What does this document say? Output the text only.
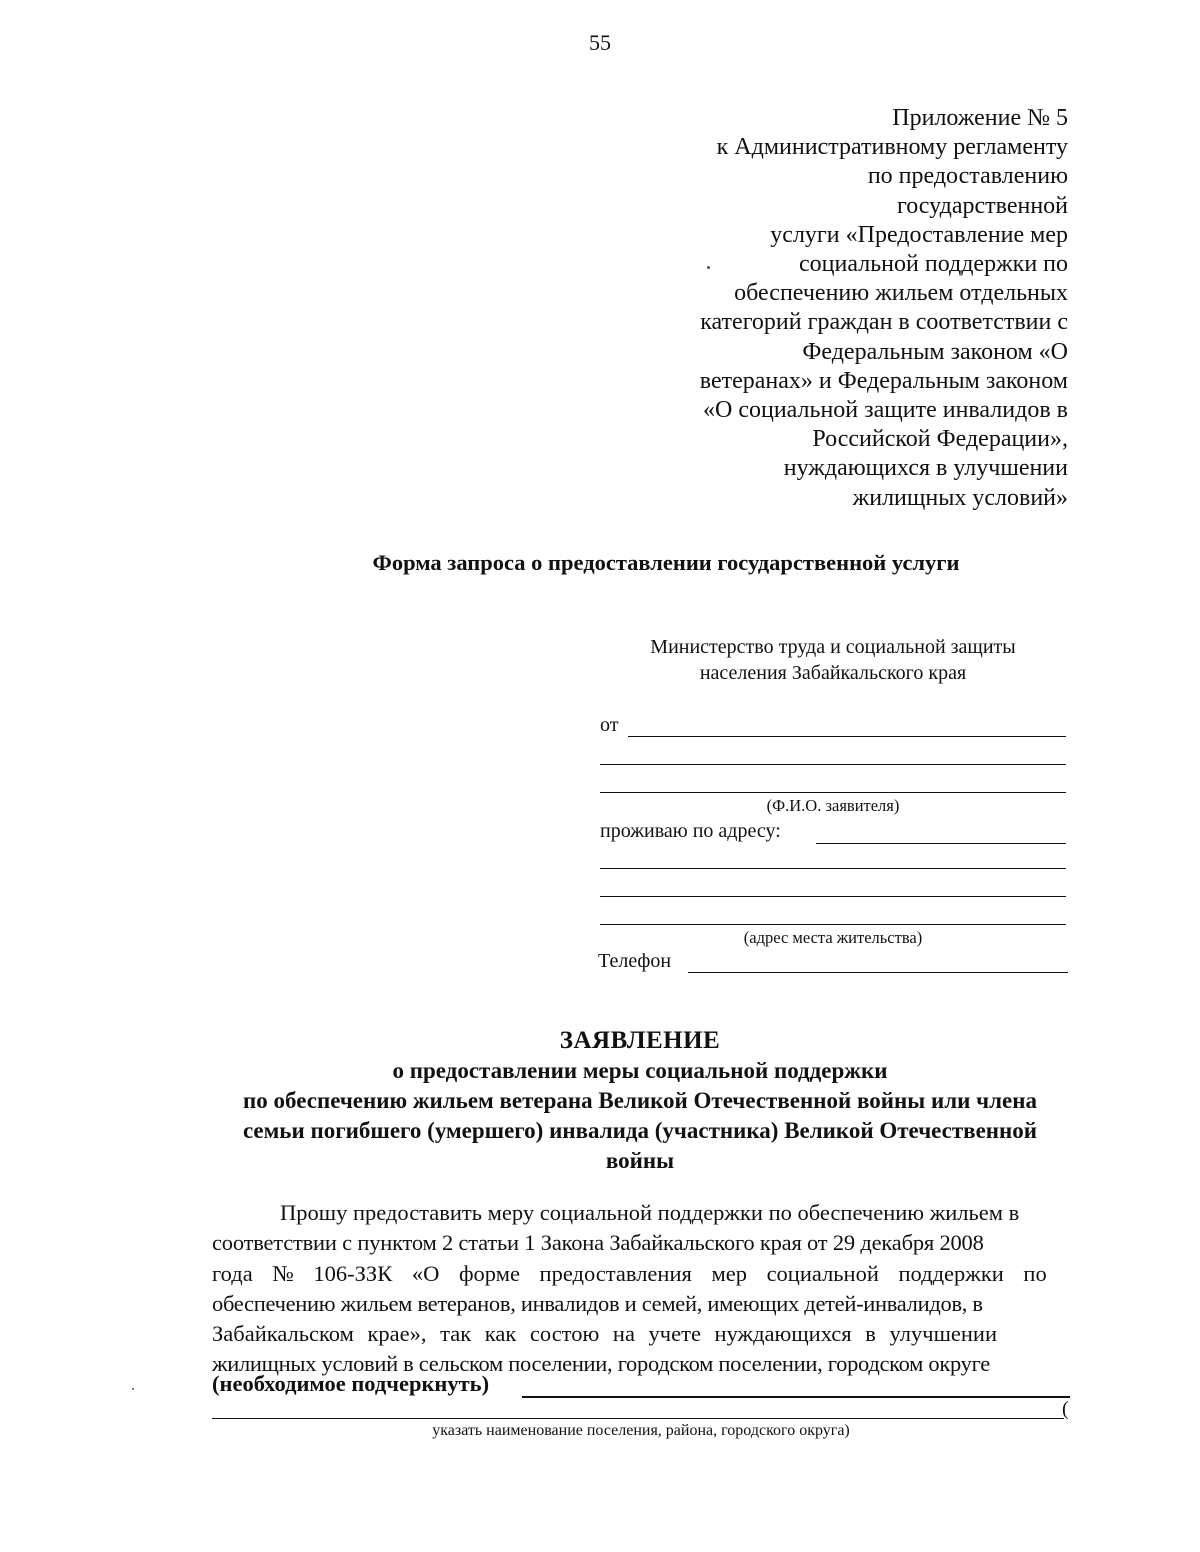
55
Приложение № 5
к Административному регламенту
по предоставлению
государственной
услуги «Предоставление мер
социальной поддержки по
обеспечению жильем отдельных
категорий граждан в соответствии с
Федеральным законом «О
ветеранах» и Федеральным законом
«О социальной защите инвалидов в
Российской Федерации»,
нуждающихся в улучшении
жилищных условий»
Форма запроса о предоставлении государственной услуги
Министерство труда и социальной защиты
населения Забайкальского края
от
(Ф.И.О. заявителя)
проживаю по адресу:
(адрес места жительства)
Телефон
ЗАЯВЛЕНИЕ
о предоставлении меры социальной поддержки
по обеспечению жильем ветерана Великой Отечественной войны или члена
семьи погибшего (умершего) инвалида (участника) Великой Отечественной
войны
Прошу предоставить меру социальной поддержки по обеспечению жильем в
соответствии с пунктом 2 статьи 1 Закона Забайкальского края от 29 декабря 2008
года № 106-ЗЗК «О форме предоставления мер социальной поддержки по
обеспечению жильем ветеранов, инвалидов и семей, имеющих детей-инвалидов, в
Забайкальском крае», так как состою на учете нуждающихся в улучшении
жилищных условий в сельском поселении, городском поселении, городском округе
(необходимое подчеркнуть)
(
указать наименование поселения, района, городского округа)
